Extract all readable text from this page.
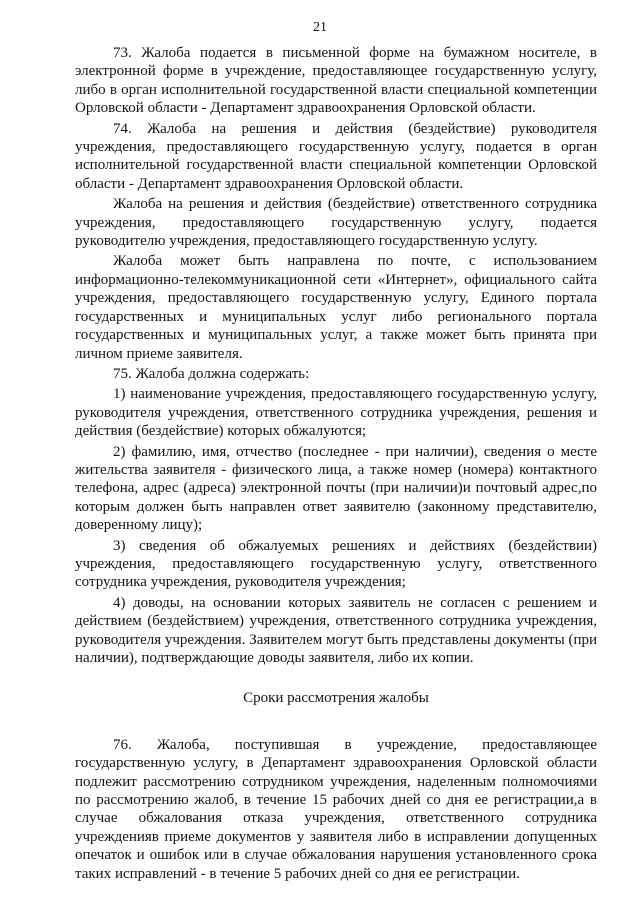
21

73. Жалоба подается в письменной форме на бумажном носителе, в электронной форме в учреждение, предоставляющее государственную услугу, либо в орган исполнительной государственной власти специальной компетенции Орловской области - Департамент здравоохранения Орловской области.

74. Жалоба на решения и действия (бездействие) руководителя учреждения, предоставляющего государственную услугу, подается в орган исполнительной государственной власти специальной компетенции Орловской области - Департамент здравоохранения Орловской области.

Жалоба на решения и действия (бездействие) ответственного сотрудника учреждения, предоставляющего государственную услугу, подается руководителю учреждения, предоставляющего государственную услугу.

Жалоба может быть направлена по почте, с использованием информационно-телекоммуникационной сети «Интернет», официального сайта учреждения, предоставляющего государственную услугу, Единого портала государственных и муниципальных услуг либо регионального портала государственных и муниципальных услуг, а также может быть принята при личном приеме заявителя.

75. Жалоба должна содержать:

1) наименование учреждения, предоставляющего государственную услугу, руководителя учреждения, ответственного сотрудника учреждения, решения и действия (бездействие) которых обжалуются;

2) фамилию, имя, отчество (последнее - при наличии), сведения о месте жительства заявителя - физического лица, а также номер (номера) контактного телефона, адрес (адреса) электронной почты (при наличии)и почтовый адрес,по которым должен быть направлен ответ заявителю (законному представителю, доверенному лицу);

3) сведения об обжалуемых решениях и действиях (бездействии) учреждения, предоставляющего государственную услугу, ответственного сотрудника учреждения, руководителя учреждения;

4) доводы, на основании которых заявитель не согласен с решением и действием (бездействием) учреждения, ответственного сотрудника учреждения, руководителя учреждения. Заявителем могут быть представлены документы (при наличии), подтверждающие доводы заявителя, либо их копии.

Сроки рассмотрения жалобы

76. Жалоба, поступившая в учреждение, предоставляющее государственную услугу, в Департамент здравоохранения Орловской области подлежит рассмотрению сотрудником учреждения, наделенным полномочиями по рассмотрению жалоб, в течение 15 рабочих дней со дня ее регистрации,а в случае обжалования отказа учреждения, ответственного сотрудника учрежденияв приеме документов у заявителя либо в исправлении допущенных опечаток и ошибок или в случае обжалования нарушения установленного срока таких исправлений - в течение 5 рабочих дней со дня ее регистрации.
